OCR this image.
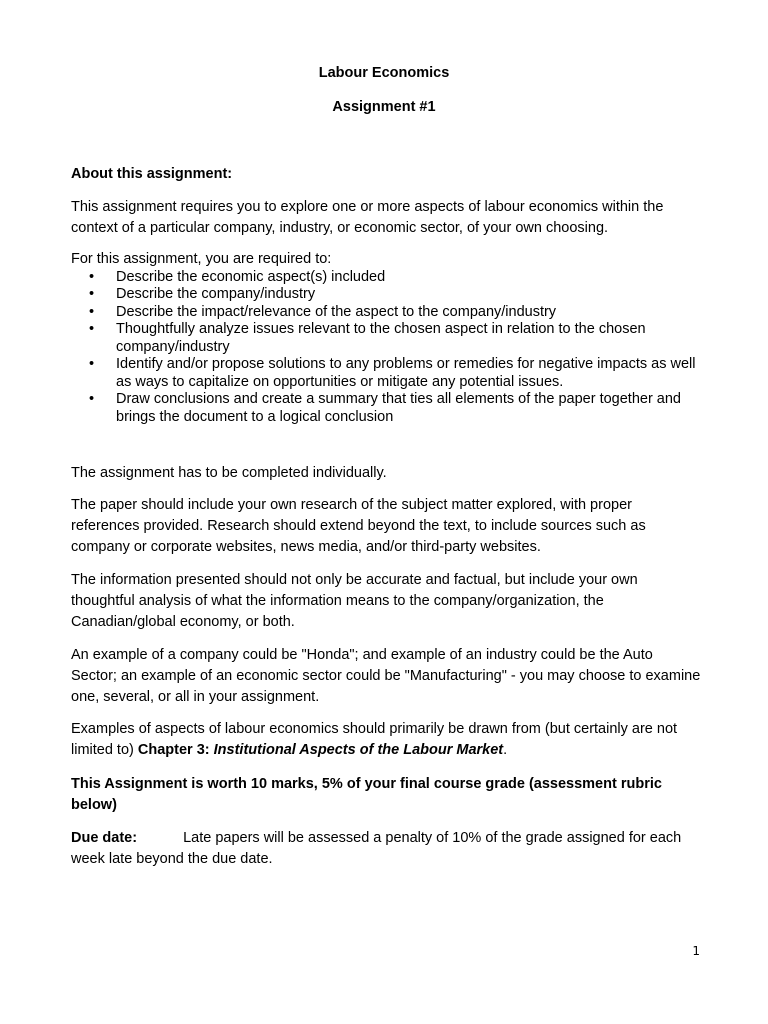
Labour Economics
Assignment #1
About this assignment:
This assignment requires you to explore one or more aspects of labour economics within the context of a particular company, industry, or economic sector, of your own choosing.
For this assignment, you are required to:
• Describe the economic aspect(s) included
• Describe the company/industry
• Describe the impact/relevance of the aspect to the company/industry
• Thoughtfully analyze issues relevant to the chosen aspect in relation to the chosen company/industry
• Identify and/or propose solutions to any problems or remedies for negative impacts as well as ways to capitalize on opportunities or mitigate any potential issues.
• Draw conclusions and create a summary that ties all elements of the paper together and brings the document to a logical conclusion
The assignment has to be completed individually.
The paper should include your own research of the subject matter explored, with proper references provided. Research should extend beyond the text, to include sources such as company or corporate websites, news media, and/or third-party websites.
The information presented should not only be accurate and factual, but include your own thoughtful analysis of what the information means to the company/organization, the Canadian/global economy, or both.
An example of a company could be "Honda"; and example of an industry could be the Auto Sector; an example of an economic sector could be "Manufacturing" - you may choose to examine one, several, or all in your assignment.
Examples of aspects of labour economics should primarily be drawn from (but certainly are not limited to) Chapter 3: Institutional Aspects of the Labour Market.
This Assignment is worth 10 marks, 5% of your final course grade (assessment rubric below)
Due date:	Late papers will be assessed a penalty of 10% of the grade assigned for each week late beyond the due date.
1
